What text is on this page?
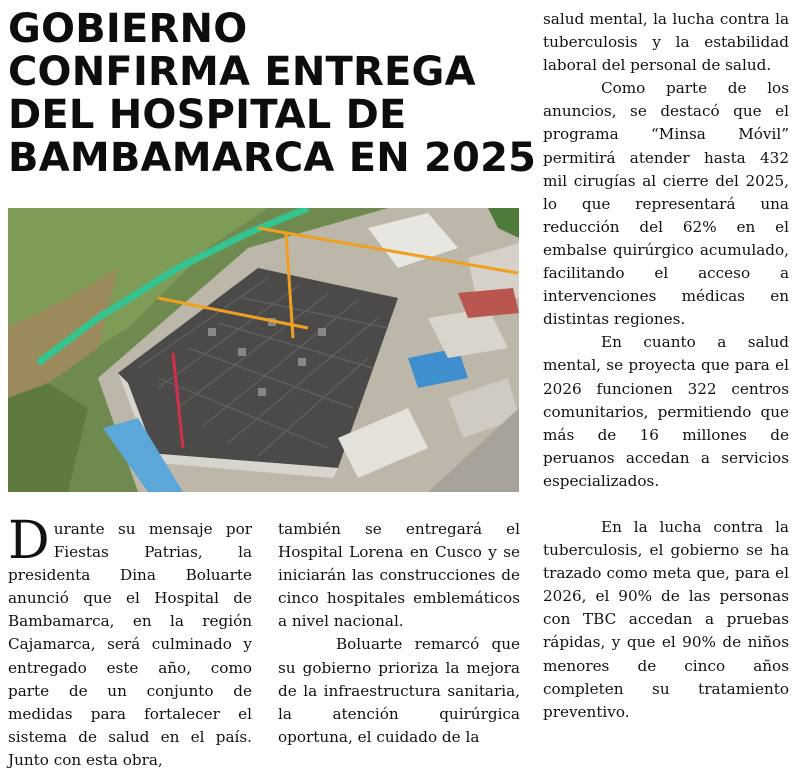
GOBIERNO
CONFIRMA ENTREGA
DEL HOSPITAL DE
BAMBAMARCA EN 2025

Durante su mensaje por Fiestas Patrias, la presidenta Dina Boluarte anunció que el Hospital de Bambamarca, en la región Cajamarca, será culminado y entregado este año, como parte de un conjunto de medidas para fortalecer el sistema de salud en el país. Junto con esta obra,

también se entregará el Hospital Lorena en Cusco y se iniciarán las construcciones de cinco hospitales emblemáticos a nivel nacional.

Boluarte remarcó que su gobierno prioriza la mejora de la infraestructura sanitaria, la atención quirúrgica oportuna, el cuidado de la

salud mental, la lucha contra la tuberculosis y la estabilidad laboral del personal de salud.

Como parte de los anuncios, se destacó que el programa “Minsa Móvil” permitirá atender hasta 432 mil cirugías al cierre del 2025, lo que representará una reducción del 62% en el embalse quirúrgico acumulado, facilitando el acceso a intervenciones médicas en distintas regiones.

En cuanto a salud mental, se proyecta que para el 2026 funcionen 322 centros comunitarios, permitiendo que más de 16 millones de peruanos accedan a servicios especializados.

En la lucha contra la tuberculosis, el gobierno se ha trazado como meta que, para el 2026, el 90% de las personas con TBC accedan a pruebas rápidas, y que el 90% de niños menores de cinco años completen su tratamiento preventivo.
